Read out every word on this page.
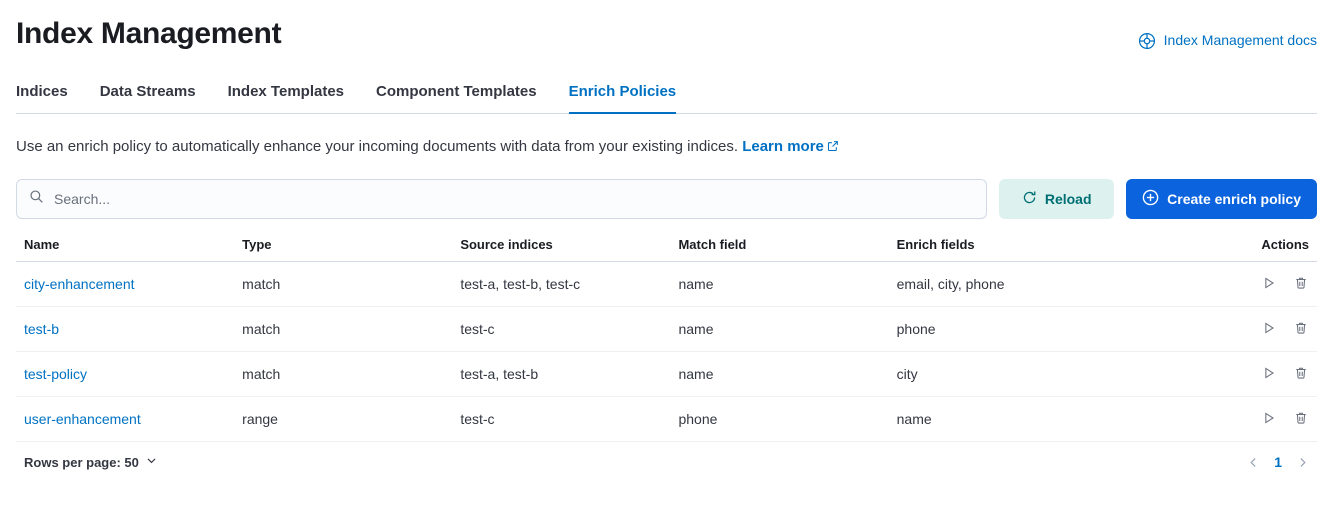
Index Management	Index Management docs
Indices Data Streams Index Templates Component Templates Enrich Policies
Use an enrich policy to automatically enhance your incoming documents with data from your existing indices. Learn more
Search...
Reload	Create enrich policy
Name	Type	Source indices	Match field	Enrich fields	Actions
city-enhancement	match	test-a, test-b, test-c	name	email, city, phone	

test-b	match	test-c	name	phone	

test-policy	match	test-a, test-b	name	city	

user-enhancement	range	test-c	phone	name	
Rows per page: 50	1
